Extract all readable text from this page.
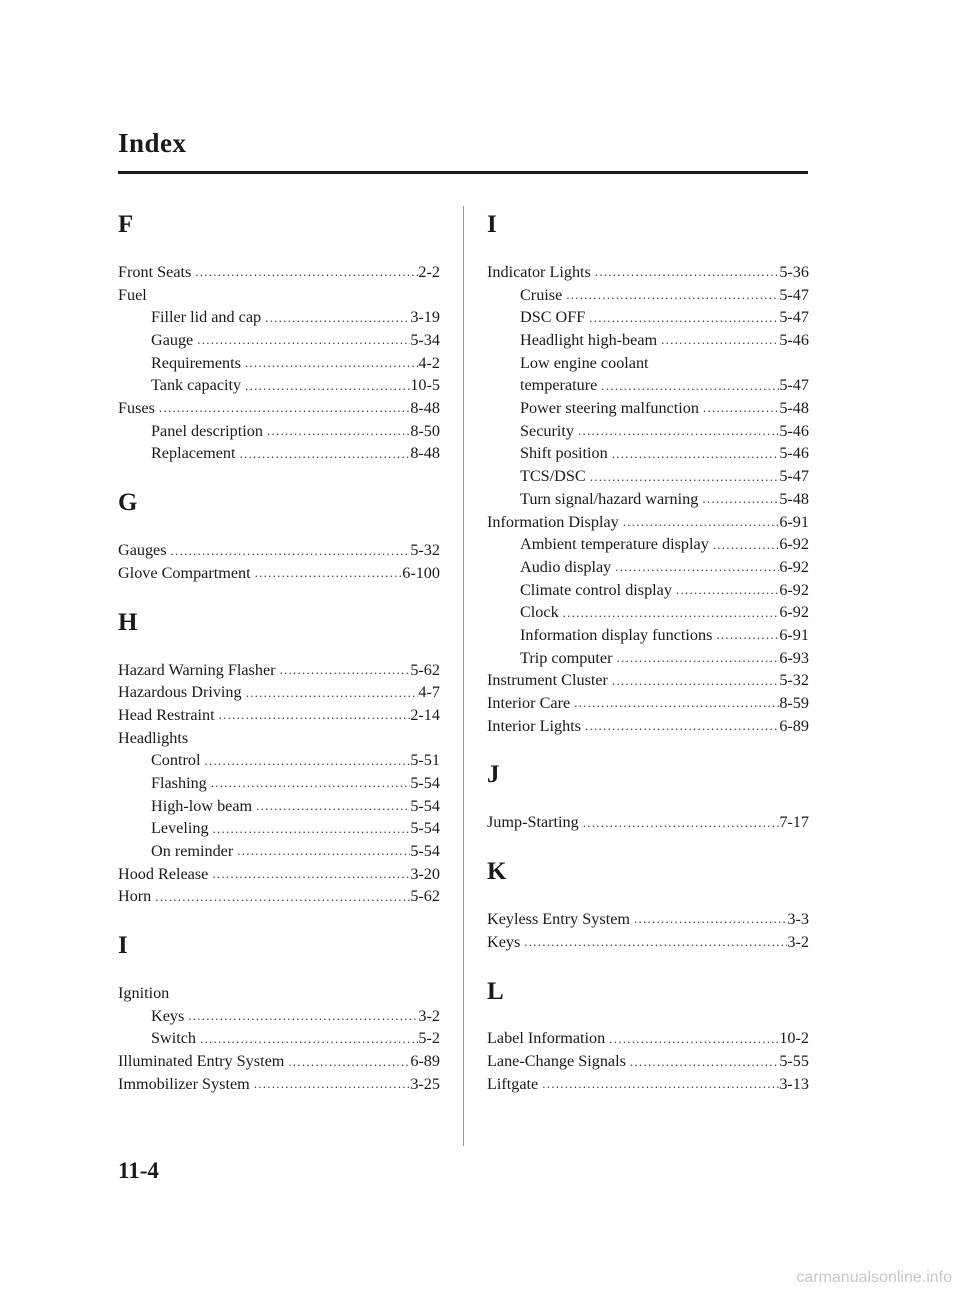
Index
F
Front Seats . . .	2-2
Fuel
Filler lid and cap . . .	3-19
Gauge . . .	5-34
Requirements . . .	4-2
Tank capacity . . .	10-5
Fuses . . .	8-48
Panel description . . .	8-50
Replacement . . .	8-48
G
Gauges . . .	5-32
Glove Compartment . . .	6-100
H
Hazard Warning Flasher . . .	5-62
Hazardous Driving . . .	4-7
Head Restraint . . .	2-14
Headlights
Control . . .	5-51
Flashing . . .	5-54
High-low beam . . .	5-54
Leveling . . .	5-54
On reminder . . .	5-54
Hood Release . . .	3-20
Horn . . .	5-62
I
Ignition
Keys . . .	3-2
Switch . . .	5-2
Illuminated Entry System . . .	6-89
Immobilizer System . . .	3-25
I
Indicator Lights . . .	5-36
Cruise . . .	5-47
DSC OFF . . .	5-47
Headlight high-beam . . .	5-46
Low engine coolant
temperature . . .	5-47
Power steering malfunction . . .	5-48
Security . . .	5-46
Shift position . . .	5-46
TCS/DSC . . .	5-47
Turn signal/hazard warning . . .	5-48
Information Display . . .	6-91
Ambient temperature display . . .	6-92
Audio display . . .	6-92
Climate control display . . .	6-92
Clock . . .	6-92
Information display functions . . .	6-91
Trip computer . . .	6-93
Instrument Cluster . . .	5-32
Interior Care . . .	8-59
Interior Lights . . .	6-89
J
Jump-Starting . . .	7-17
K
Keyless Entry System . . .	3-3
Keys . . .	3-2
L
Label Information . . .	10-2
Lane-Change Signals . . .	5-55
Liftgate . . .	3-13
11-4
carmanualsonline.info
